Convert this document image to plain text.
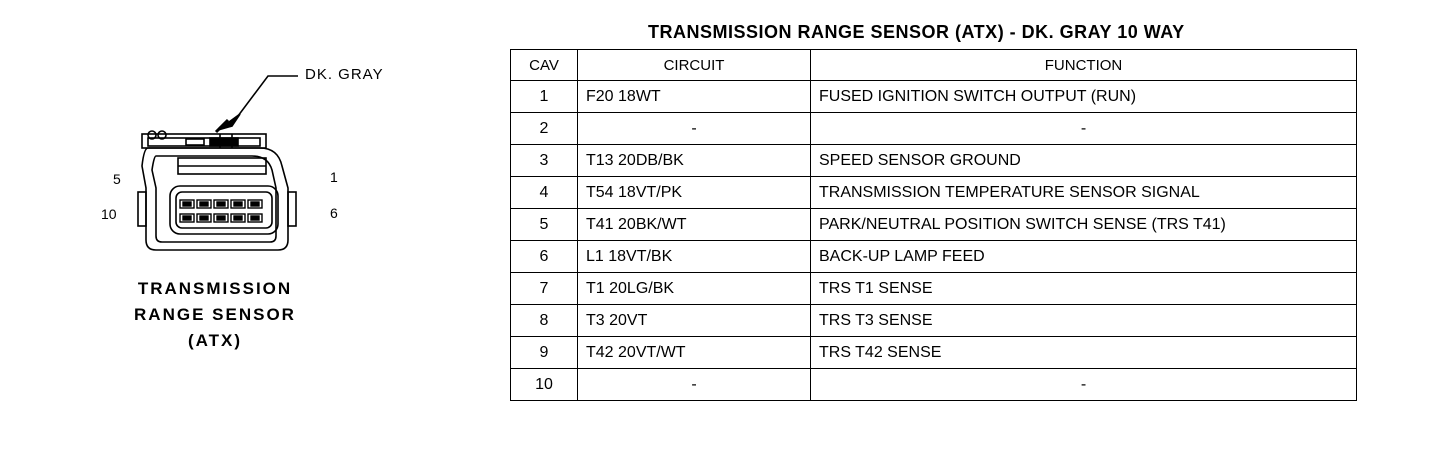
DK. GRAY
5
10
1
6
TRANSMISSION
RANGE SENSOR
(ATX)
TRANSMISSION RANGE SENSOR (ATX) - DK. GRAY 10 WAY
CAV	CIRCUIT	FUNCTION
1	F20 18WT	FUSED IGNITION SWITCH OUTPUT (RUN)
2	-	-
3	T13 20DB/BK	SPEED SENSOR GROUND
4	T54 18VT/PK	TRANSMISSION TEMPERATURE SENSOR SIGNAL
5	T41 20BK/WT	PARK/NEUTRAL POSITION SWITCH SENSE (TRS T41)
6	L1 18VT/BK	BACK-UP LAMP FEED
7	T1 20LG/BK	TRS T1 SENSE
8	T3 20VT	TRS T3 SENSE
9	T42 20VT/WT	TRS T42 SENSE
10	-	-
